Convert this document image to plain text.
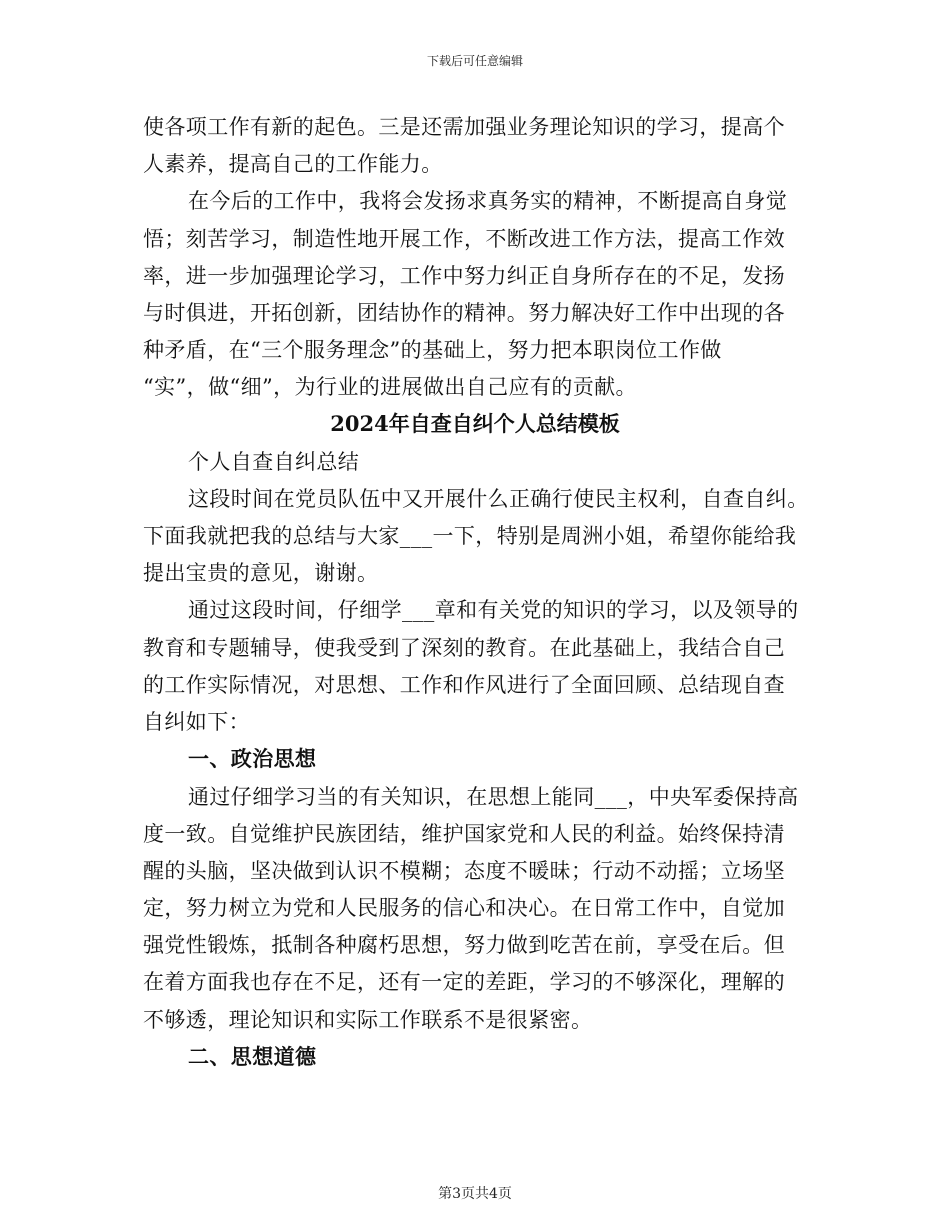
下载后可任意编辑
使各项工作有新的起色。三是还需加强业务理论知识的学习，提高个
人素养，提高自己的工作能力。
在今后的工作中，我将会发扬求真务实的精神，不断提高自身觉
悟；刻苦学习，制造性地开展工作，不断改进工作方法，提高工作效
率，进一步加强理论学习，工作中努力纠正自身所存在的不足，发扬
与时俱进，开拓创新，团结协作的精神。努力解决好工作中出现的各
种矛盾，在“三个服务理念”的基础上，努力把本职岗位工作做
“实”，做“细”，为行业的进展做出自己应有的贡献。
2024年自查自纠个人总结模板
个人自查自纠总结
这段时间在党员队伍中又开展什么正确行使民主权利，自查自纠。
下面我就把我的总结与大家___一下，特别是周洲小姐，希望你能给我
提出宝贵的意见，谢谢。
通过这段时间，仔细学___章和有关党的知识的学习，以及领导的
教育和专题辅导，使我受到了深刻的教育。在此基础上，我结合自己
的工作实际情况，对思想、工作和作风进行了全面回顾、总结现自查
自纠如下：
一、政治思想
通过仔细学习当的有关知识，在思想上能同___，中央军委保持高
度一致。自觉维护民族团结，维护国家党和人民的利益。始终保持清
醒的头脑，坚决做到认识不模糊；态度不暖昧；行动不动摇；立场坚
定，努力树立为党和人民服务的信心和决心。在日常工作中，自觉加
强党性锻炼，抵制各种腐朽思想，努力做到吃苦在前，享受在后。但
在着方面我也存在不足，还有一定的差距，学习的不够深化，理解的
不够透，理论知识和实际工作联系不是很紧密。
二、思想道德
第3页共4页
